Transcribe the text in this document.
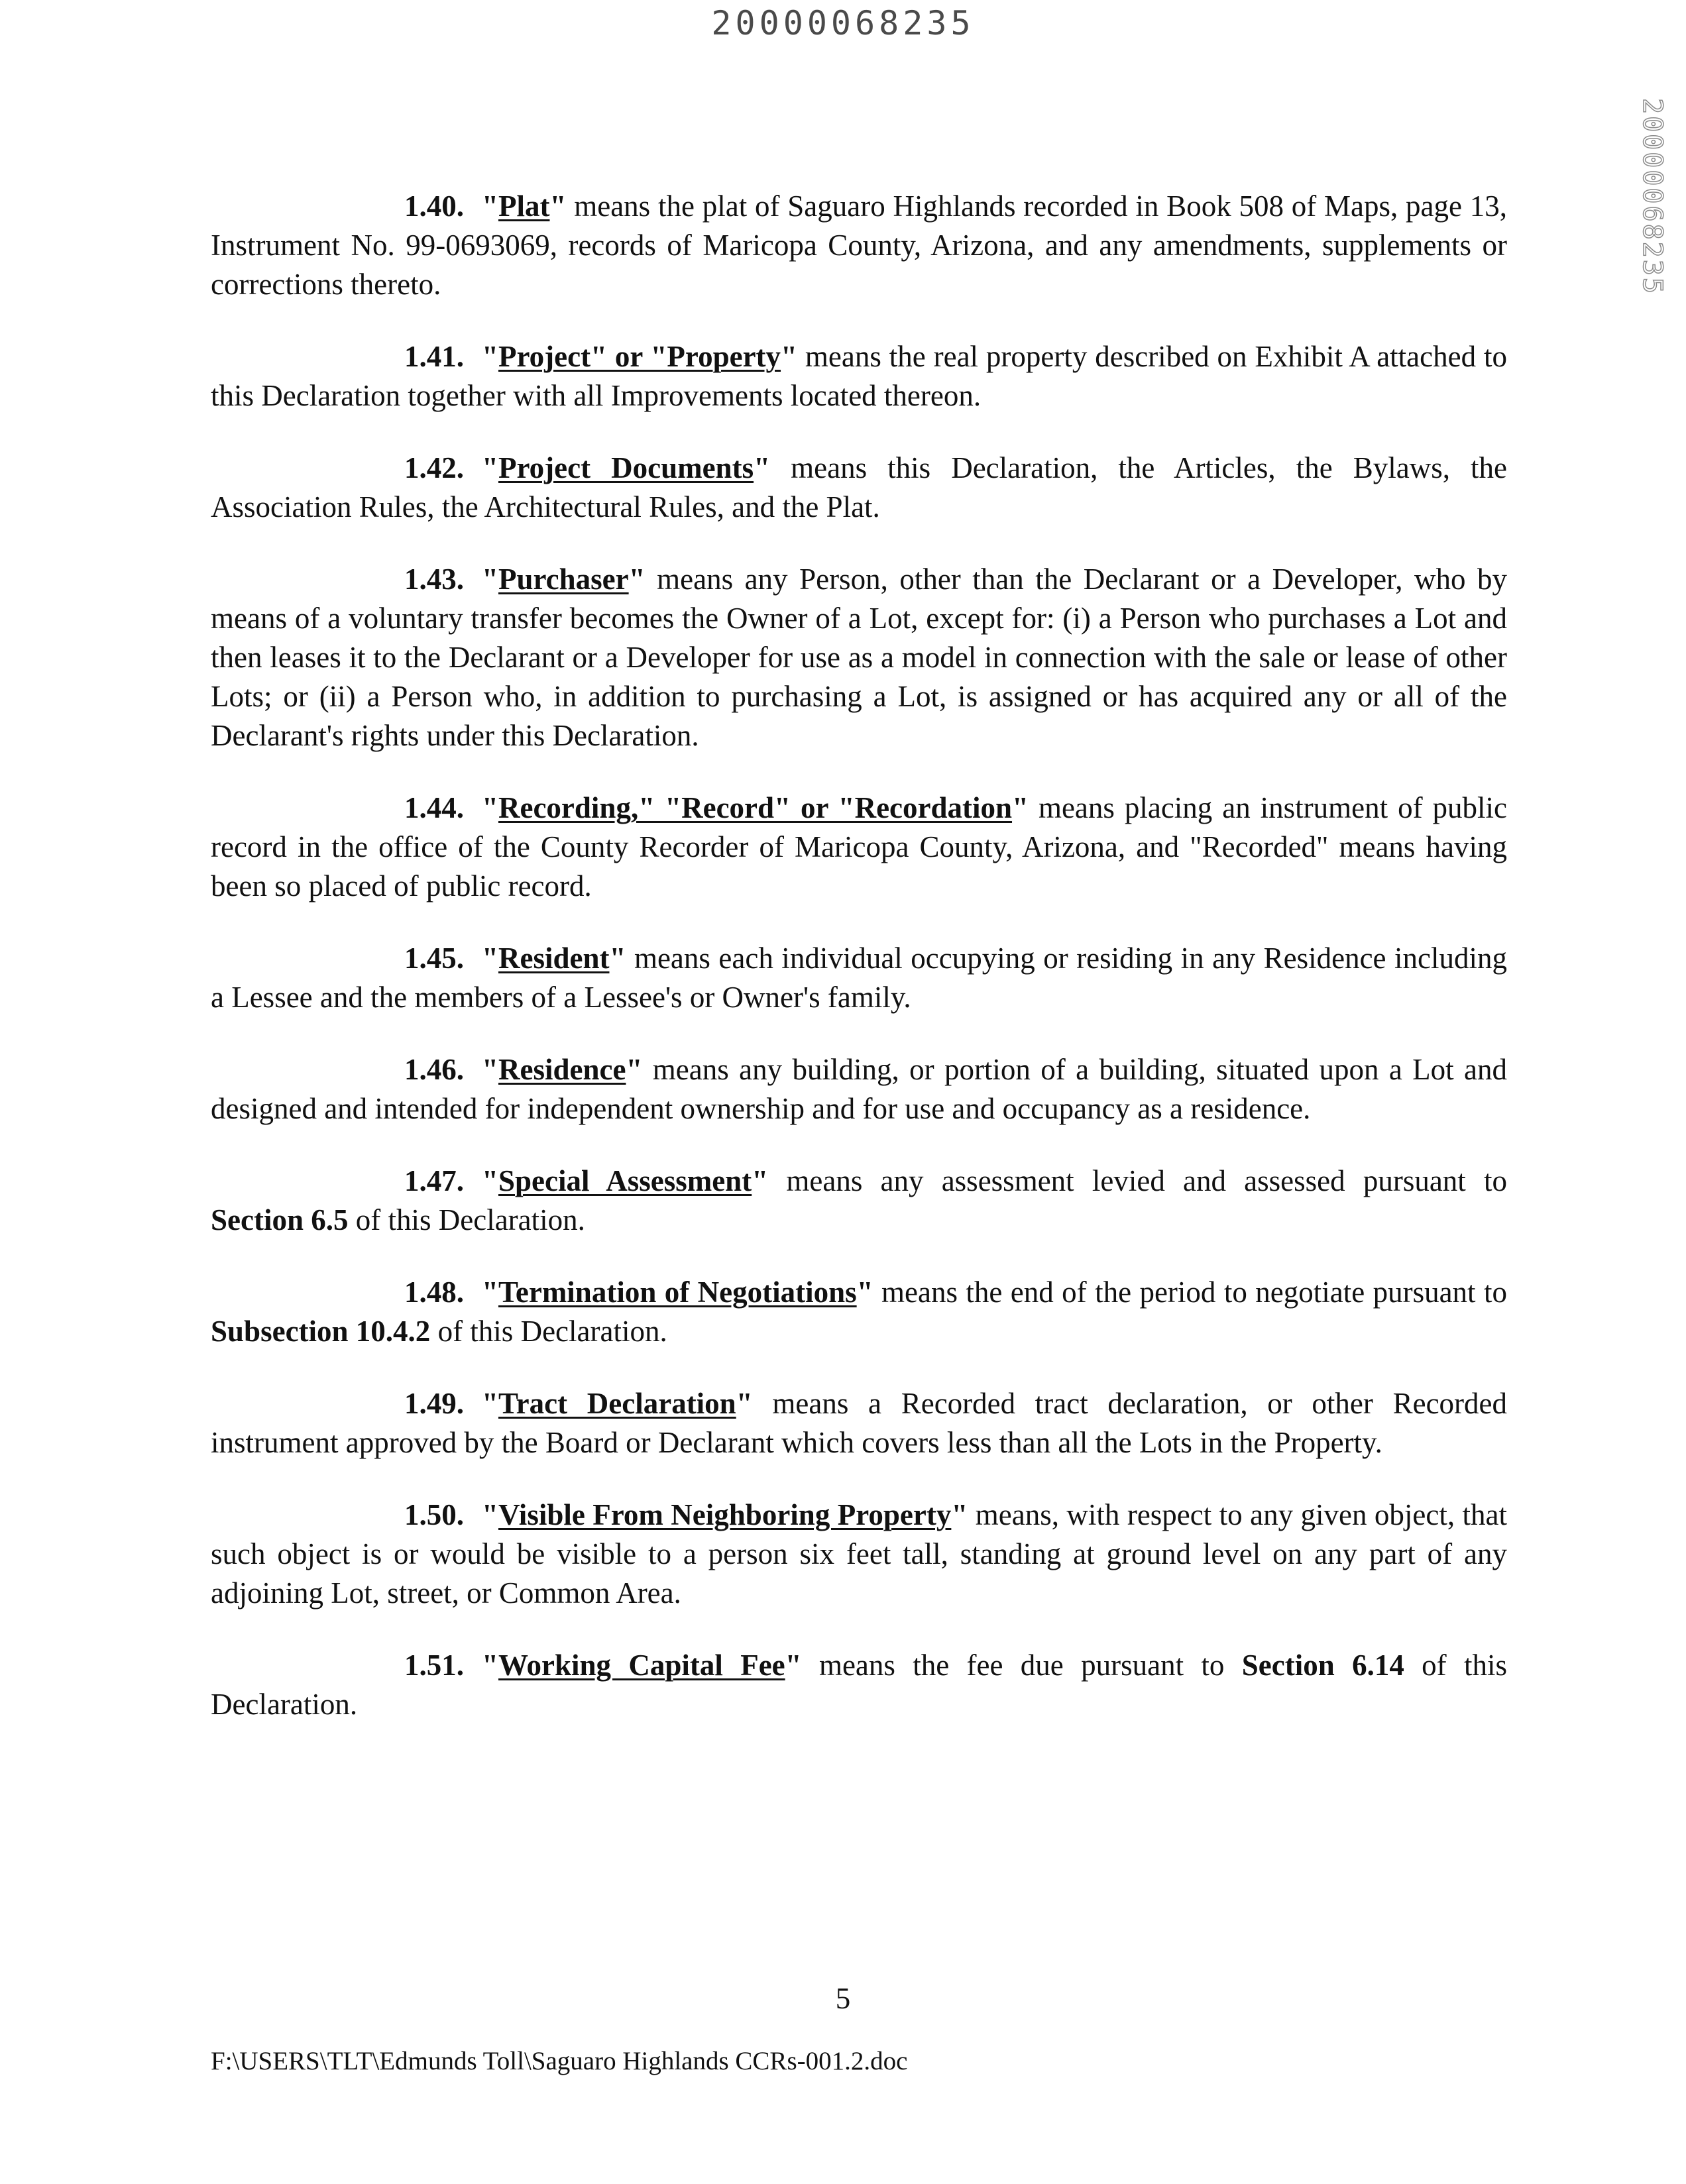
20000068235
20000068235

1.40. "Plat" means the plat of Saguaro Highlands recorded in Book 508 of Maps, page 13, Instrument No. 99-0693069, records of Maricopa County, Arizona, and any amendments, supplements or corrections thereto.

1.41. "Project" or "Property" means the real property described on Exhibit A attached to this Declaration together with all Improvements located thereon.

1.42. "Project Documents" means this Declaration, the Articles, the Bylaws, the Association Rules, the Architectural Rules, and the Plat.

1.43. "Purchaser" means any Person, other than the Declarant or a Developer, who by means of a voluntary transfer becomes the Owner of a Lot, except for: (i) a Person who purchases a Lot and then leases it to the Declarant or a Developer for use as a model in connection with the sale or lease of other Lots; or (ii) a Person who, in addition to purchasing a Lot, is assigned or has acquired any or all of the Declarant's rights under this Declaration.

1.44. "Recording," "Record" or "Recordation" means placing an instrument of public record in the office of the County Recorder of Maricopa County, Arizona, and "Recorded" means having been so placed of public record.

1.45. "Resident" means each individual occupying or residing in any Residence including a Lessee and the members of a Lessee's or Owner's family.

1.46. "Residence" means any building, or portion of a building, situated upon a Lot and designed and intended for independent ownership and for use and occupancy as a residence.

1.47. "Special Assessment" means any assessment levied and assessed pursuant to Section 6.5 of this Declaration.

1.48. "Termination of Negotiations" means the end of the period to negotiate pursuant to Subsection 10.4.2 of this Declaration.

1.49. "Tract Declaration" means a Recorded tract declaration, or other Recorded instrument approved by the Board or Declarant which covers less than all the Lots in the Property.

1.50. "Visible From Neighboring Property" means, with respect to any given object, that such object is or would be visible to a person six feet tall, standing at ground level on any part of any adjoining Lot, street, or Common Area.

1.51. "Working Capital Fee" means the fee due pursuant to Section 6.14 of this Declaration.

5
F:\USERS\TLT\Edmunds Toll\Saguaro Highlands CCRs-001.2.doc
